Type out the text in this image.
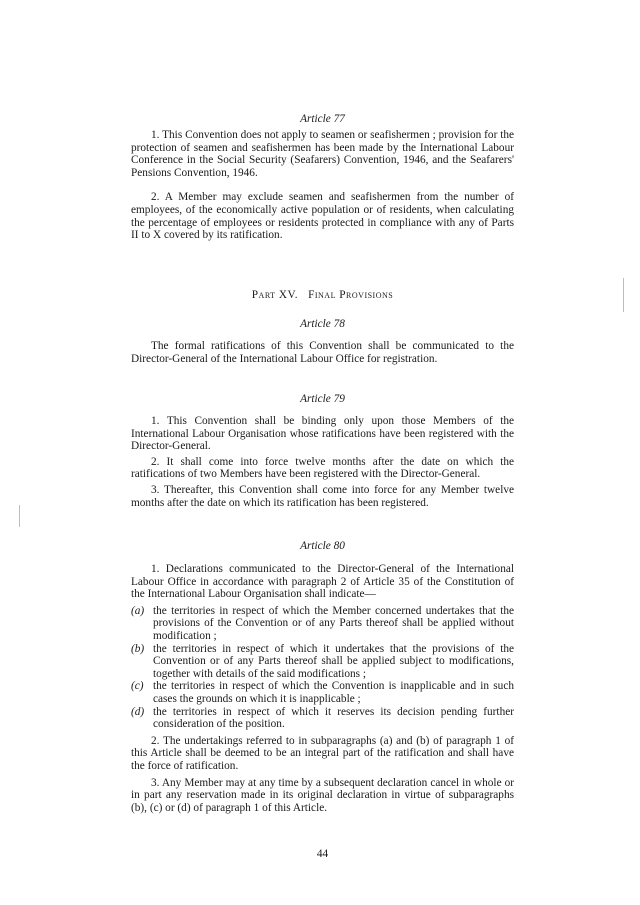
Article 77

1. This Convention does not apply to seamen or seafishermen ; provision for the protection of seamen and seafishermen has been made by the International Labour Conference in the Social Security (Seafarers) Convention, 1946, and the Seafarers' Pensions Convention, 1946.

2. A Member may exclude seamen and seafishermen from the number of employees, of the economically active population or of residents, when calculating the percentage of employees or residents protected in compliance with any of Parts II to X covered by its ratification.

Part XV. Final Provisions
Article 78

The formal ratifications of this Convention shall be communicated to the Director-General of the International Labour Office for registration.

Article 79

1. This Convention shall be binding only upon those Members of the International Labour Organisation whose ratifications have been registered with the Director-General.

2. It shall come into force twelve months after the date on which the ratifications of two Members have been registered with the Director-General.

3. Thereafter, this Convention shall come into force for any Member twelve months after the date on which its ratification has been registered.

Article 80

1. Declarations communicated to the Director-General of the International Labour Office in accordance with paragraph 2 of Article 35 of the Constitution of the International Labour Organisation shall indicate—

(a) the territories in respect of which the Member concerned undertakes that the provisions of the Convention or of any Parts thereof shall be applied without modification ;
(b) the territories in respect of which it undertakes that the provisions of the Convention or of any Parts thereof shall be applied subject to modifications, together with details of the said modifications ;
(c) the territories in respect of which the Convention is inapplicable and in such cases the grounds on which it is inapplicable ;
(d) the territories in respect of which it reserves its decision pending further consideration of the position.

2. The undertakings referred to in subparagraphs (a) and (b) of paragraph 1 of this Article shall be deemed to be an integral part of the ratification and shall have the force of ratification.

3. Any Member may at any time by a subsequent declaration cancel in whole or in part any reservation made in its original declaration in virtue of subparagraphs (b), (c) or (d) of paragraph 1 of this Article.

44
